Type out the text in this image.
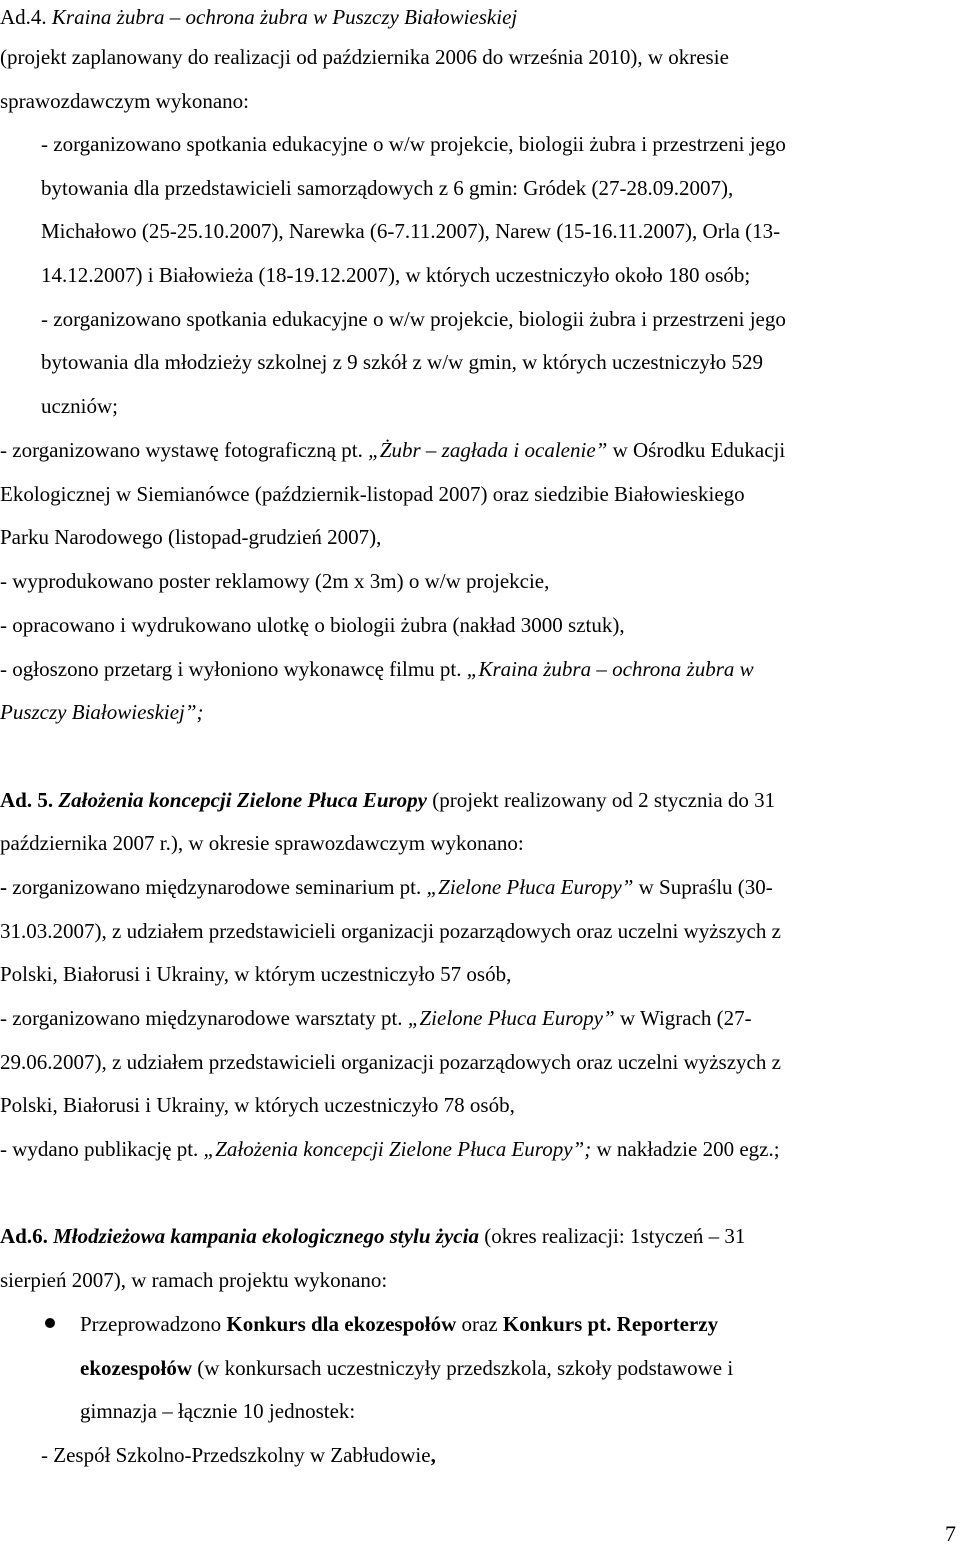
Ad.4. Kraina żubra – ochrona żubra w Puszczy Białowieskiej
(projekt zaplanowany do realizacji od października 2006 do września 2010), w okresie
sprawozdawczym wykonano:
- zorganizowano spotkania edukacyjne o w/w projekcie, biologii żubra i przestrzeni jego
bytowania dla przedstawicieli samorządowych z 6 gmin: Gródek (27-28.09.2007),
Michałowo (25-25.10.2007), Narewka (6-7.11.2007), Narew (15-16.11.2007), Orla (13-
14.12.2007) i Białowieża (18-19.12.2007), w których uczestniczyło około 180 osób;
- zorganizowano spotkania edukacyjne o w/w projekcie, biologii żubra i przestrzeni jego
bytowania dla młodzieży szkolnej z 9 szkół z w/w gmin, w których uczestniczyło 529
uczniów;
- zorganizowano wystawę fotograficzną pt. „Żubr – zagłada i ocalenie” w Ośrodku Edukacji
Ekologicznej w Siemianówce (październik-listopad 2007) oraz siedzibie Białowieskiego
Parku Narodowego (listopad-grudzień 2007),
- wyprodukowano poster reklamowy (2m x 3m) o w/w projekcie,
- opracowano i wydrukowano ulotkę o biologii żubra (nakład 3000 sztuk),
- ogłoszono przetarg i wyłoniono wykonawcę filmu pt. „Kraina żubra – ochrona żubra w
Puszczy Białowieskiej”;
Ad. 5. Założenia koncepcji Zielone Płuca Europy (projekt realizowany od 2 stycznia do 31
października 2007 r.), w okresie sprawozdawczym wykonano:
- zorganizowano międzynarodowe seminarium pt. „Zielone Płuca Europy” w Supraślu (30-
31.03.2007), z udziałem przedstawicieli organizacji pozarządowych oraz uczelni wyższych z
Polski, Białorusi i Ukrainy, w którym uczestniczyło 57 osób,
- zorganizowano międzynarodowe warsztaty pt. „Zielone Płuca Europy” w Wigrach (27-
29.06.2007), z udziałem przedstawicieli organizacji pozarządowych oraz uczelni wyższych z
Polski, Białorusi i Ukrainy, w których uczestniczyło 78 osób,
- wydano publikację pt. „Założenia koncepcji Zielone Płuca Europy”; w nakładzie 200 egz.;
Ad.6. Młodzieżowa kampania ekologicznego stylu życia (okres realizacji: 1styczeń – 31
sierpień 2007), w ramach projektu wykonano:
Przeprowadzono Konkurs dla ekozespołów oraz Konkurs pt. Reporterzy
ekozespołów (w konkursach uczestniczyły przedszkola, szkoły podstawowe i
gimnazja – łącznie 10 jednostek:
- Zespół Szkolno-Przedszkolny w Zabłudowie,
7
